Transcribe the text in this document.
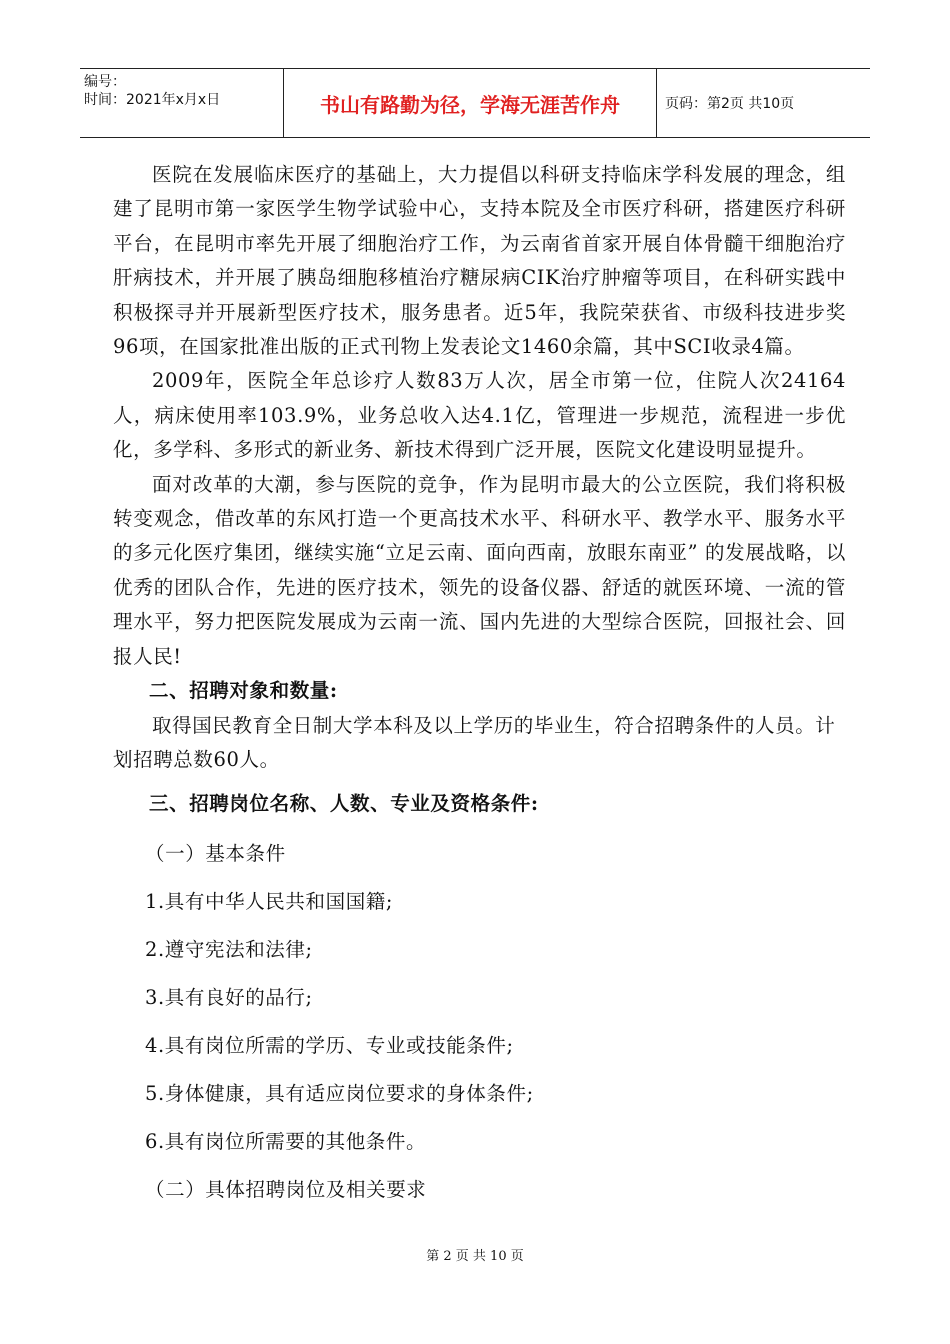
编号：
时间：2021年x月x日	书山有路勤为径，学海无涯苦作舟	页码：第2页 共10页

医院在发展临床医疗的基础上，大力提倡以科研支持临床学科发展的理念，组建了昆明市第一家医学生物学试验中心，支持本院及全市医疗科研，搭建医疗科研平台，在昆明市率先开展了细胞治疗工作，为云南省首家开展自体骨髓干细胞治疗肝病技术，并开展了胰岛细胞移植治疗糖尿病CIK治疗肿瘤等项目，在科研实践中积极探寻并开展新型医疗技术，服务患者。近5年，我院荣获省、市级科技进步奖 96项，在国家批准出版的正式刊物上发表论文1460余篇，其中SCI收录4篇。

2009年，医院全年总诊疗人数83万人次，居全市第一位，住院人次24164人，病床使用率103.9%，业务总收入达4.1亿，管理进一步规范，流程进一步优化，多学科、多形式的新业务、新技术得到广泛开展，医院文化建设明显提升。

面对改革的大潮，参与医院的竞争，作为昆明市最大的公立医院，我们将积极转变观念，借改革的东风打造一个更高技术水平、科研水平、教学水平、服务水平的多元化医疗集团，继续实施“立足云南、面向西南，放眼东南亚” 的发展战略，以优秀的团队合作，先进的医疗技术，领先的设备仪器、舒适的就医环境、一流的管理水平，努力把医院发展成为云南一流、国内先进的大型综合医院，回报社会、回报人民!

二、招聘对象和数量:

取得国民教育全日制大学本科及以上学历的毕业生，符合招聘条件的人员。计划招聘总数60人。

三、招聘岗位名称、人数、专业及资格条件:

（一）基本条件

1.具有中华人民共和国国籍;

2.遵守宪法和法律;

3.具有良好的品行;

4.具有岗位所需的学历、专业或技能条件;

5.身体健康，具有适应岗位要求的身体条件;

6.具有岗位所需要的其他条件。

（二）具体招聘岗位及相关要求

第 2 页 共 10 页
